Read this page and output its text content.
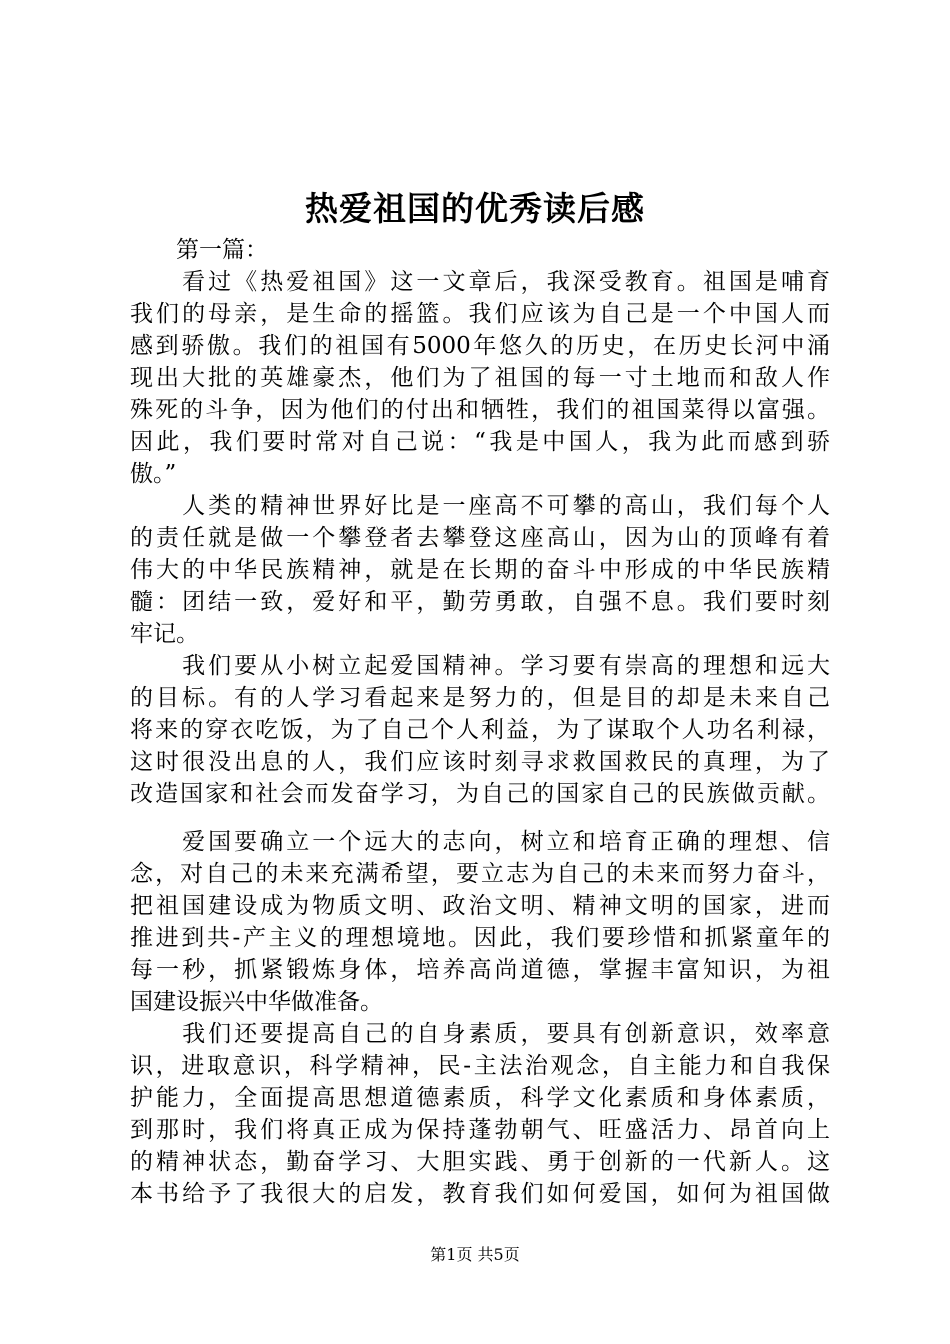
热爱祖国的优秀读后感
　　第一篇：
　　看过《热爱祖国》这一文章后，我深受教育。祖国是哺育
我们的母亲，是生命的摇篮。我们应该为自己是一个中国人而
感到骄傲。我们的祖国有5000年悠久的历史，在历史长河中涌
现出大批的英雄豪杰，他们为了祖国的每一寸土地而和敌人作
殊死的斗争，因为他们的付出和牺牲，我们的祖国菜得以富强。
因此，我们要时常对自己说：“我是中国人，我为此而感到骄
傲。”
　　人类的精神世界好比是一座高不可攀的高山，我们每个人
的责任就是做一个攀登者去攀登这座高山，因为山的顶峰有着
伟大的中华民族精神，就是在长期的奋斗中形成的中华民族精
髓：团结一致，爱好和平，勤劳勇敢，自强不息。我们要时刻
牢记。
　　我们要从小树立起爱国精神。学习要有崇高的理想和远大
的目标。有的人学习看起来是努力的，但是目的却是未来自己
将来的穿衣吃饭，为了自己个人利益，为了谋取个人功名利禄，
这时很没出息的人，我们应该时刻寻求救国救民的真理，为了
改造国家和社会而发奋学习，为自己的国家自己的民族做贡献。
　　爱国要确立一个远大的志向，树立和培育正确的理想、信
念，对自己的未来充满希望，要立志为自己的未来而努力奋斗，
把祖国建设成为物质文明、政治文明、精神文明的国家，进而
推进到共-产主义的理想境地。因此，我们要珍惜和抓紧童年的
每一秒，抓紧锻炼身体，培养高尚道德，掌握丰富知识，为祖
国建设振兴中华做准备。
　　我们还要提高自己的自身素质，要具有创新意识，效率意
识，进取意识，科学精神，民-主法治观念，自主能力和自我保
护能力，全面提高思想道德素质，科学文化素质和身体素质，
到那时，我们将真正成为保持蓬勃朝气、旺盛活力、昂首向上
的精神状态，勤奋学习、大胆实践、勇于创新的一代新人。这
本书给予了我很大的启发，教育我们如何爱国，如何为祖国做
第1页 共5页
